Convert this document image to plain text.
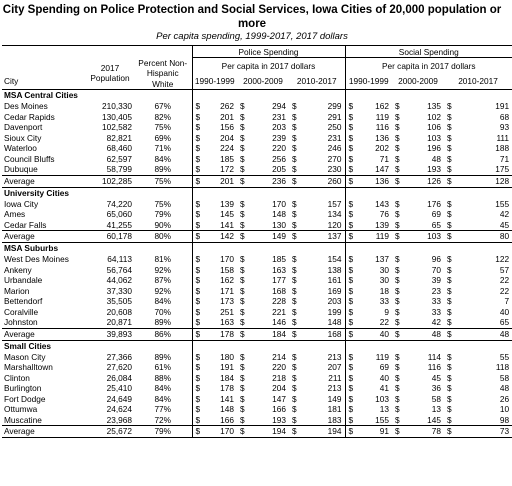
City Spending on Police Protection and Social Services, Iowa Cities of 20,000 population or more
Per capita spending, 1999-2017, 2017 dollars
			Police Spending						Social Spending					
	2017
Population	Percent Non-
Hispanic
White	Per capita in 2017 dollars						Per capita in 2017 dollars					
City			1990-1999		2000-2009		2010-2017		1990-1999		2000-2009		2010-2017	
MSA Central Cities														
Des Moines	210,330	67%	$	262	$	294	$	299	$	162	$	135	$	191
Cedar Rapids	130,405	82%	$	201	$	231	$	291	$	119	$	102	$	68
Davenport	102,582	75%	$	156	$	203	$	250	$	116	$	106	$	93
Sioux City	82,821	69%	$	204	$	239	$	231	$	136	$	103	$	111
Waterloo	68,460	71%	$	224	$	220	$	246	$	202	$	196	$	188
Council Bluffs	62,597	84%	$	185	$	256	$	270	$	71	$	48	$	71
Dubuque	58,799	89%	$	172	$	205	$	230	$	147	$	193	$	175
Average	102,285	75%	$	201	$	236	$	260	$	136	$	126	$	128
University Cities														
Iowa City	74,220	75%	$	139	$	170	$	157	$	143	$	176	$	155
Ames	65,060	79%	$	145	$	148	$	134	$	76	$	69	$	42
Cedar Falls	41,255	90%	$	141	$	130	$	120	$	139	$	65	$	45
Average	60,178	80%	$	142	$	149	$	137	$	119	$	103	$	80
MSA Suburbs														
West Des Moines	64,113	81%	$	170	$	185	$	154	$	137	$	96	$	122
Ankeny	56,764	92%	$	158	$	163	$	138	$	30	$	70	$	57
Urbandale	44,062	87%	$	162	$	177	$	161	$	30	$	39	$	22
Marion	37,330	92%	$	171	$	168	$	169	$	18	$	23	$	22
Bettendorf	35,505	84%	$	173	$	228	$	203	$	33	$	33	$	7
Coralville	20,608	70%	$	251	$	221	$	199	$	9	$	33	$	40
Johnston	20,871	89%	$	163	$	146	$	148	$	22	$	42	$	65
Average	39,893	86%	$	178	$	184	$	168	$	40	$	48	$	48
Small Cities														
Mason City	27,366	89%	$	180	$	214	$	213	$	119	$	114	$	55
Marshalltown	27,620	61%	$	191	$	220	$	207	$	69	$	116	$	118
Clinton	26,084	88%	$	184	$	218	$	211	$	40	$	45	$	58
Burlington	25,410	84%	$	178	$	204	$	213	$	41	$	36	$	48
Fort Dodge	24,649	84%	$	141	$	147	$	149	$	103	$	58	$	26
Ottumwa	24,624	77%	$	148	$	166	$	181	$	13	$	13	$	10
Muscatine	23,968	72%	$	166	$	193	$	183	$	155	$	145	$	98
Average	25,672	79%	$	170	$	194	$	194	$	91	$	78	$	73
